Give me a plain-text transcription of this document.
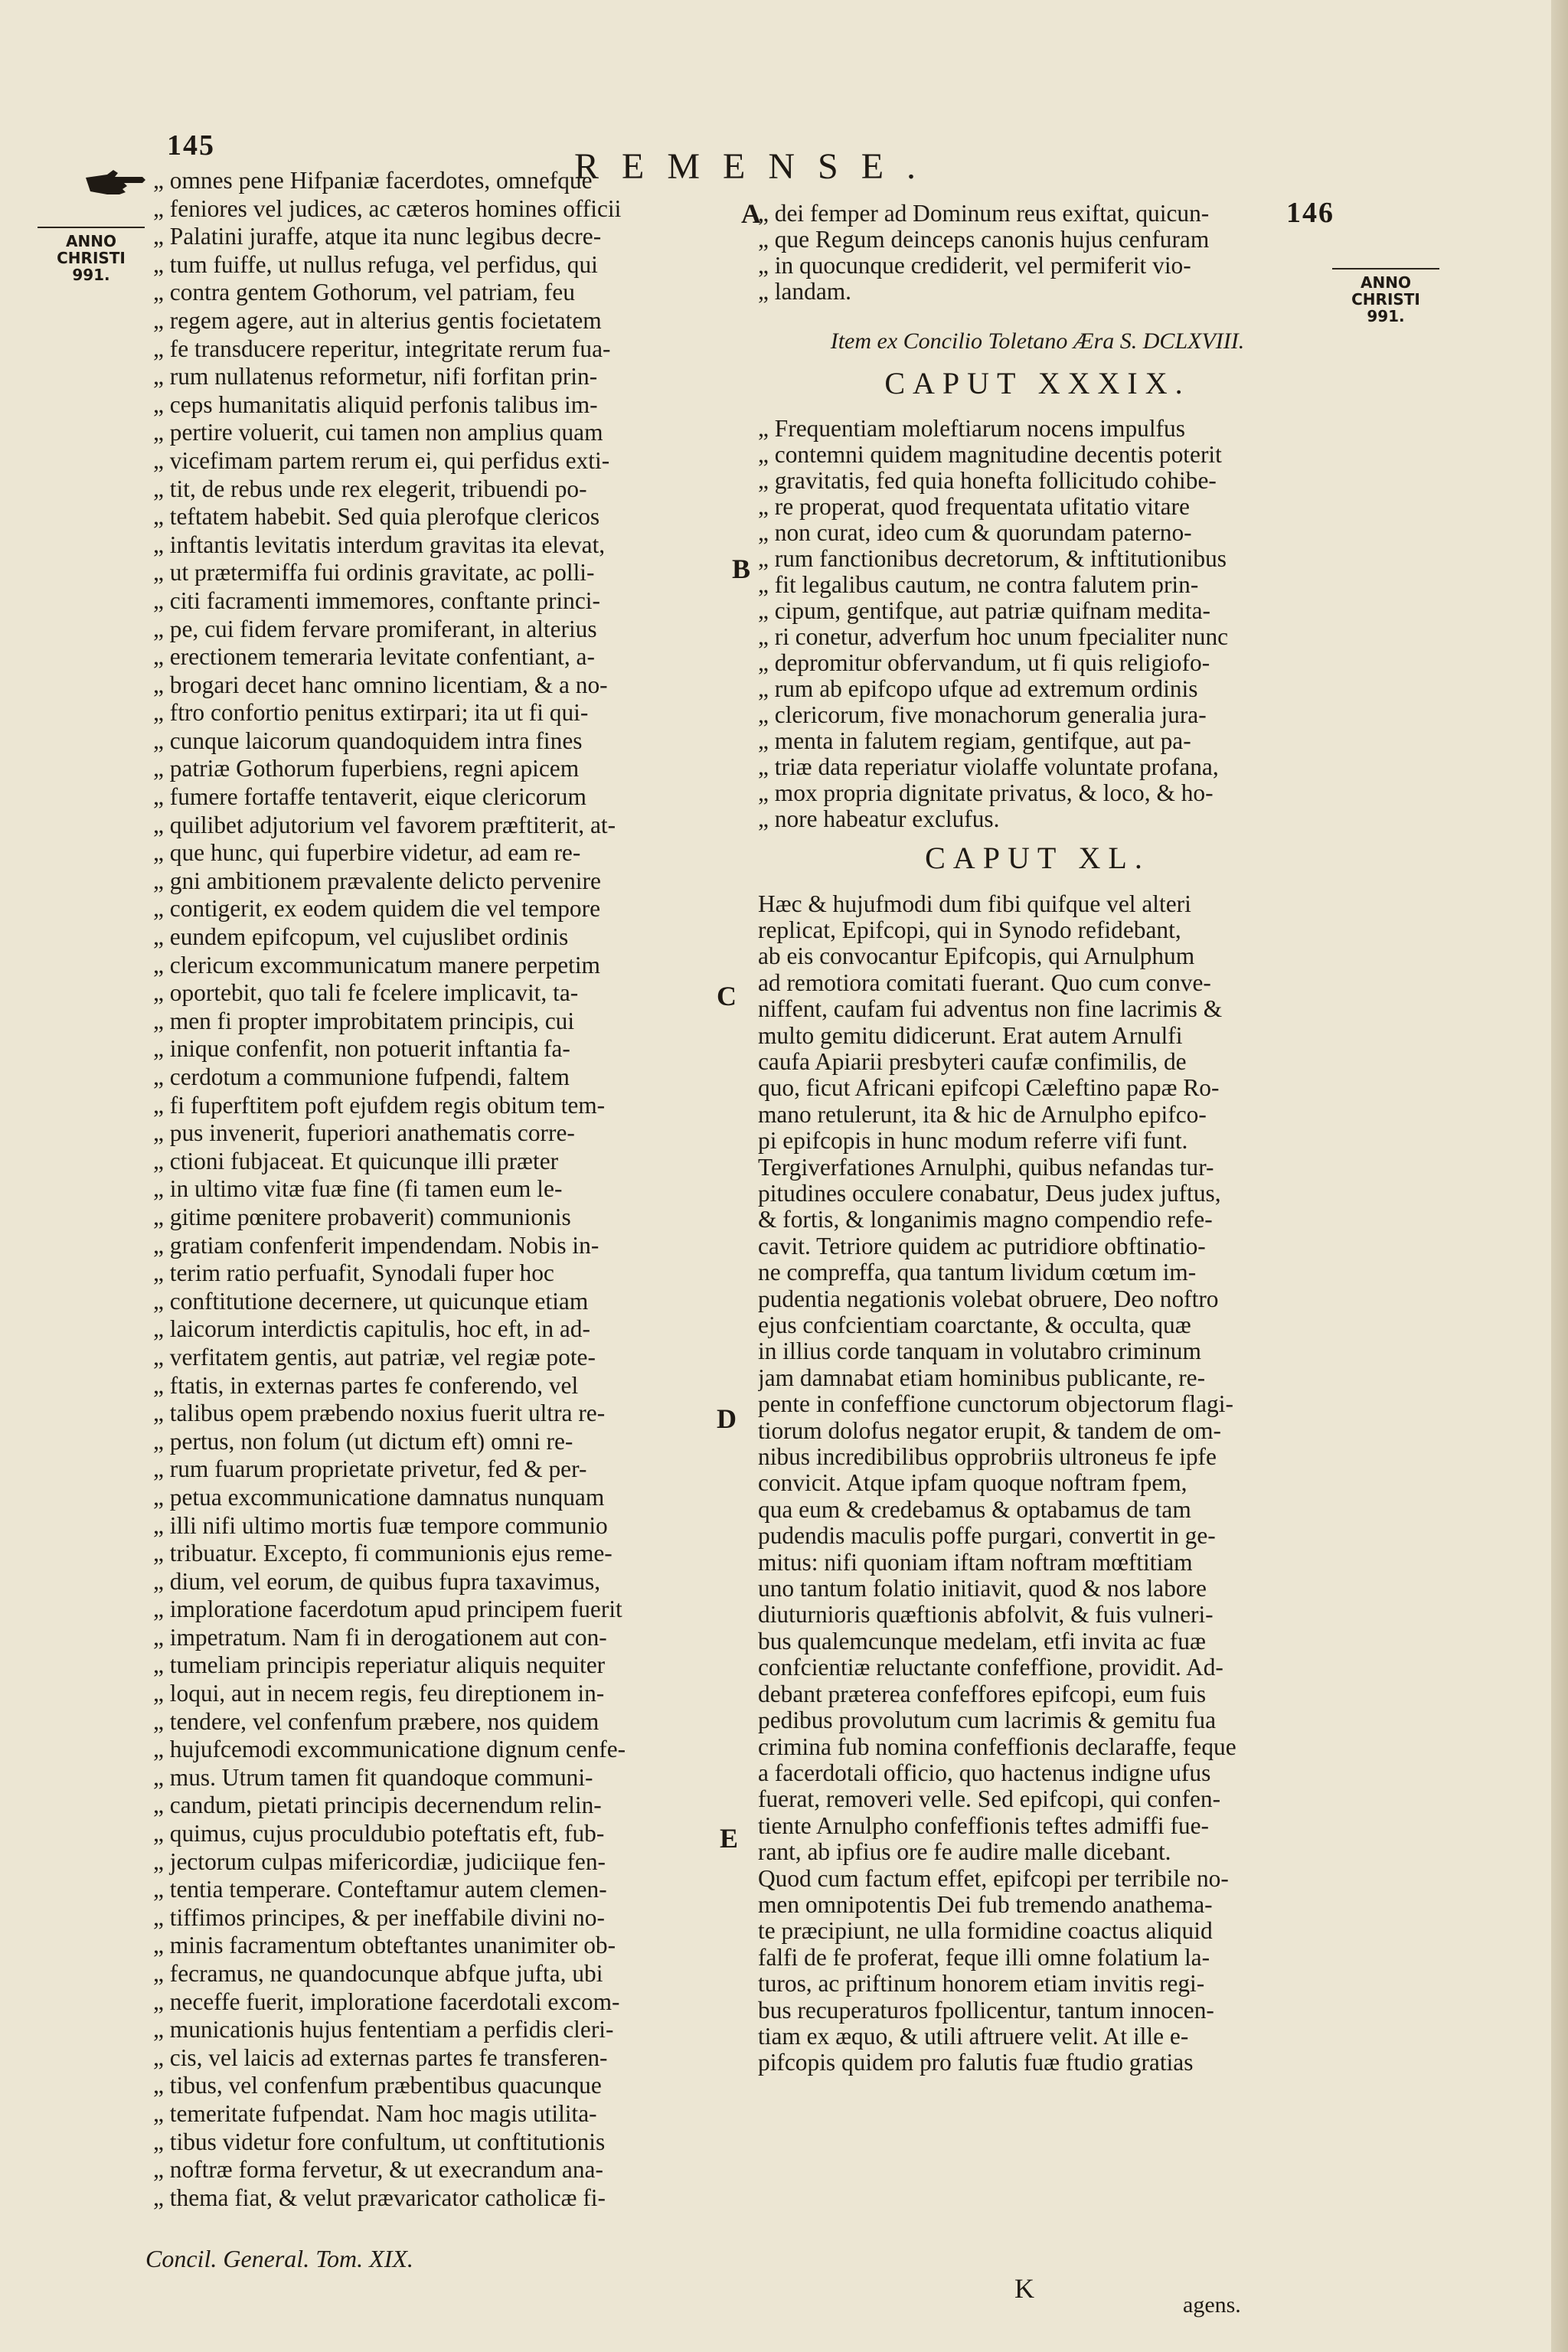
145
REMENSE.
146
ANNO
CHRISTI
991.	ANNO
CHRISTI
991.
A
B
C
D
E
„ omnes pene Hifpaniæ facerdotes, omnefque
„ feniores vel judices, ac cæteros homines officii
„ Palatini juraffe, atque ita nunc legibus decre-
„ tum fuiffe, ut nullus refuga, vel perfidus, qui
„ contra gentem Gothorum, vel patriam, feu
„ regem agere, aut in alterius gentis focietatem
„ fe transducere reperitur, integritate rerum fua-
„ rum nullatenus reformetur, nifi forfitan prin-
„ ceps humanitatis aliquid perfonis talibus im-
„ pertire voluerit, cui tamen non amplius quam
„ vicefimam partem rerum ei, qui perfidus exti-
„ tit, de rebus unde rex elegerit, tribuendi po-
„ teftatem habebit. Sed quia plerofque clericos
„ inftantis levitatis interdum gravitas ita elevat,
„ ut prætermiffa fui ordinis gravitate, ac polli-
„ citi facramenti immemores, conftante princi-
„ pe, cui fidem fervare promiferant, in alterius
„ erectionem temeraria levitate confentiant, a-
„ brogari decet hanc omnino licentiam, & a no-
„ ftro confortio penitus extirpari; ita ut fi qui-
„ cunque laicorum quandoquidem intra fines
„ patriæ Gothorum fuperbiens, regni apicem
„ fumere fortaffe tentaverit, eique clericorum
„ quilibet adjutorium vel favorem præftiterit, at-
„ que hunc, qui fuperbire videtur, ad eam re-
„ gni ambitionem prævalente delicto pervenire
„ contigerit, ex eodem quidem die vel tempore
„ eundem epifcopum, vel cujuslibet ordinis
„ clericum excommunicatum manere perpetim
„ oportebit, quo tali fe fcelere implicavit, ta-
„ men fi propter improbitatem principis, cui
„ inique confenfit, non potuerit inftantia fa-
„ cerdotum a communione fufpendi, faltem
„ fi fuperftitem poft ejufdem regis obitum tem-
„ pus invenerit, fuperiori anathematis corre-
„ ctioni fubjaceat. Et quicunque illi præter
„ in ultimo vitæ fuæ fine (fi tamen eum le-
„ gitime pœnitere probaverit) communionis
„ gratiam confenferit impendendam. Nobis in-
„ terim ratio perfuafit, Synodali fuper hoc
„ conftitutione decernere, ut quicunque etiam
„ laicorum interdictis capitulis, hoc eft, in ad-
„ verfitatem gentis, aut patriæ, vel regiæ pote-
„ ftatis, in externas partes fe conferendo, vel
„ talibus opem præbendo noxius fuerit ultra re-
„ pertus, non folum (ut dictum eft) omni re-
„ rum fuarum proprietate privetur, fed & per-
„ petua excommunicatione damnatus nunquam
„ illi nifi ultimo mortis fuæ tempore communio
„ tribuatur. Excepto, fi communionis ejus reme-
„ dium, vel eorum, de quibus fupra taxavimus,
„ imploratione facerdotum apud principem fuerit
„ impetratum. Nam fi in derogationem aut con-
„ tumeliam principis reperiatur aliquis nequiter
„ loqui, aut in necem regis, feu direptionem in-
„ tendere, vel confenfum præbere, nos quidem
„ hujufcemodi excommunicatione dignum cenfe-
„ mus. Utrum tamen fit quandoque communi-
„ candum, pietati principis decernendum relin-
„ quimus, cujus proculdubio poteftatis eft, fub-
„ jectorum culpas mifericordiæ, judiciique fen-
„ tentia temperare. Conteftamur autem clemen-
„ tiffimos principes, & per ineffabile divini no-
„ minis facramentum obteftantes unanimiter ob-
„ fecramus, ne quandocunque abfque jufta, ubi
„ neceffe fuerit, imploratione facerdotali excom-
„ municationis hujus fententiam a perfidis cleri-
„ cis, vel laicis ad externas partes fe transferen-
„ tibus, vel confenfum præbentibus quacunque
„ temeritate fufpendat. Nam hoc magis utilita-
„ tibus videtur fore confultum, ut conftitutionis
„ noftræ forma fervetur, & ut execrandum ana-
„ thema fiat, & velut prævaricator catholicæ fi-
„ dei femper ad Dominum reus exiftat, quicun-
„ que Regum deinceps canonis hujus cenfuram
„ in quocunque crediderit, vel permiferit vio-
„ landam.
Item ex Concilio Toletano Æra S. DCLXVIII.
CAPUT XXXIX.
„ Frequentiam moleftiarum nocens impulfus
„ contemni quidem magnitudine decentis poterit
„ gravitatis, fed quia honefta follicitudo cohibe-
„ re properat, quod frequentata ufitatio vitare
„ non curat, ideo cum & quorundam paterno-
„ rum fanctionibus decretorum, & inftitutionibus
„ fit legalibus cautum, ne contra falutem prin-
„ cipum, gentifque, aut patriæ quifnam medita-
„ ri conetur, adverfum hoc unum fpecialiter nunc
„ depromitur obfervandum, ut fi quis religiofo-
„ rum ab epifcopo ufque ad extremum ordinis
„ clericorum, five monachorum generalia jura-
„ menta in falutem regiam, gentifque, aut pa-
„ triæ data reperiatur violaffe voluntate profana,
„ mox propria dignitate privatus, & loco, & ho-
„ nore habeatur exclufus.
CAPUT XL.
Hæc & hujufmodi dum fibi quifque vel alteri
replicat, Epifcopi, qui in Synodo refidebant,
ab eis convocantur Epifcopis, qui Arnulphum
ad remotiora comitati fuerant. Quo cum conve-
niffent, caufam fui adventus non fine lacrimis &
multo gemitu didicerunt. Erat autem Arnulfi
caufa Apiarii presbyteri caufæ confimilis, de
quo, ficut Africani epifcopi Cæleftino papæ Ro-
mano retulerunt, ita & hic de Arnulpho epifco-
pi epifcopis in hunc modum referre vifi funt.
Tergiverfationes Arnulphi, quibus nefandas tur-
pitudines occulere conabatur, Deus judex juftus,
& fortis, & longanimis magno compendio refe-
cavit. Tetriore quidem ac putridiore obftinatio-
ne compreffa, qua tantum lividum cœtum im-
pudentia negationis volebat obruere, Deo noftro
ejus confcientiam coarctante, & occulta, quæ
in illius corde tanquam in volutabro criminum
jam damnabat etiam hominibus publicante, re-
pente in confeffione cunctorum objectorum flagi-
tiorum dolofus negator erupit, & tandem de om-
nibus incredibilibus opprobriis ultroneus fe ipfe
convicit. Atque ipfam quoque noftram fpem,
qua eum & credebamus & optabamus de tam
pudendis maculis poffe purgari, convertit in ge-
mitus: nifi quoniam iftam noftram mœftitiam
uno tantum folatio initiavit, quod & nos labore
diuturnioris quæftionis abfolvit, & fuis vulneri-
bus qualemcunque medelam, etfi invita ac fuæ
confcientiæ reluctante confeffione, providit. Ad-
debant præterea confeffores epifcopi, eum fuis
pedibus provolutum cum lacrimis & gemitu fua
crimina fub nomina confeffionis declaraffe, feque
a facerdotali officio, quo hactenus indigne ufus
fuerat, removeri velle. Sed epifcopi, qui confen-
tiente Arnulpho confeffionis teftes admiffi fue-
rant, ab ipfius ore fe audire malle dicebant.
Quod cum factum effet, epifcopi per terribile no-
men omnipotentis Dei fub tremendo anathema-
te præcipiunt, ne ulla formidine coactus aliquid
falfi de fe proferat, feque illi omne folatium la-
turos, ac priftinum honorem etiam invitis regi-
bus recuperaturos fpollicentur, tantum innocen-
tiam ex æquo, & utili aftruere velit. At ille e-
pifcopis quidem pro falutis fuæ ftudio gratias
Concil. General. Tom. XIX.
K
agens.
